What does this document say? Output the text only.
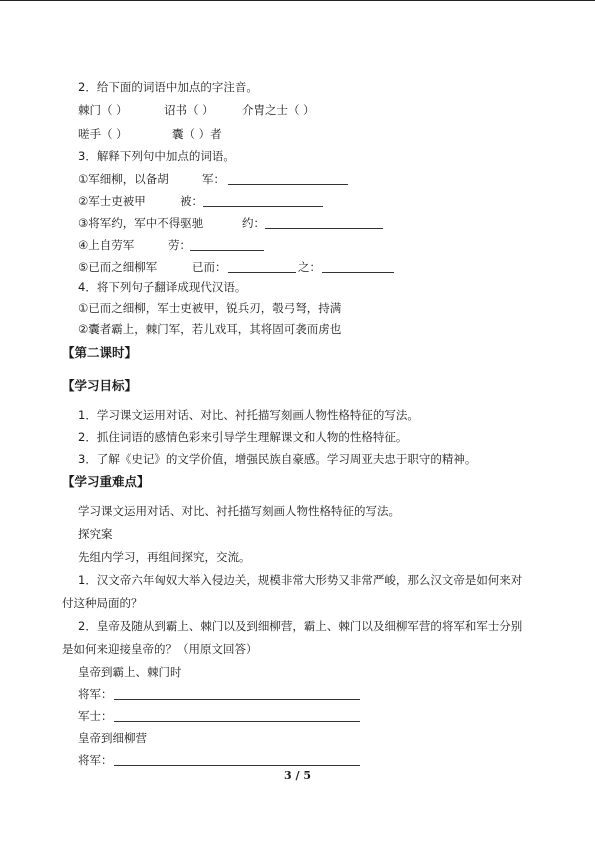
2．给下面的词语中加点的字注音。
棘门（ ）	诏书（ ） 介胄之士（ ）
嗟手（ ）	囊（ ）者
3．解释下列句中加点的词语。
①军细柳，以备胡	军：
②军士吏被甲	被：
③将军约，军中不得驱驰	约：
④上自劳军	劳：
⑤已而之细柳军	已而：	之：
4．将下列句子翻译成现代汉语。
①已而之细柳，军士吏被甲，锐兵刃，彀弓弩，持满
②囊者霸上，棘门军，若儿戏耳，其将固可袭而虏也
【第二课时】
【学习目标】
1．学习课文运用对话、对比、衬托描写刻画人物性格特征的写法。
2．抓住词语的感情色彩来引导学生理解课文和人物的性格特征。
3．了解《史记》的文学价值，增强民族自豪感。学习周亚夫忠于职守的精神。
【学习重难点】
学习课文运用对话、对比、衬托描写刻画人物性格特征的写法。
探究案
先组内学习，再组间探究，交流。
1．汉文帝六年匈奴大举入侵边关，规模非常大形势又非常严峻，那么汉文帝是如何来对
付这种局面的？
2．皇帝及随从到霸上、棘门以及到细柳营，霸上、棘门以及细柳军营的将军和军士分别
是如何来迎接皇帝的？（用原文回答）
皇帝到霸上、棘门时
将军：
军士：
皇帝到细柳营
将军：
3 / 5
